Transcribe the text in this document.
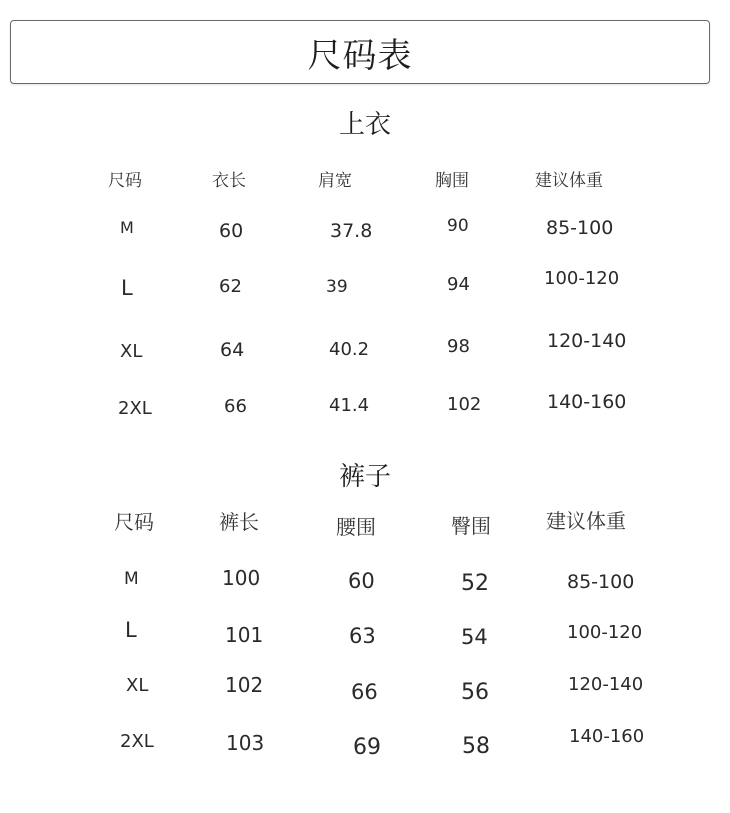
尺码表
上衣
裤子
尺码	衣长	肩宽	胸围	建议体重
M	60	37.8	90	85-100
L	62	39	94	100-120
XL	64	40.2	98	120-140
2XL	66	41.4	102	140-160
尺码	裤长	腰围	臀围	建议体重
M	100	60	52	85-100
L	101	63	54	100-120
XL	102	66	56	120-140
2XL	103	69	58	140-160
